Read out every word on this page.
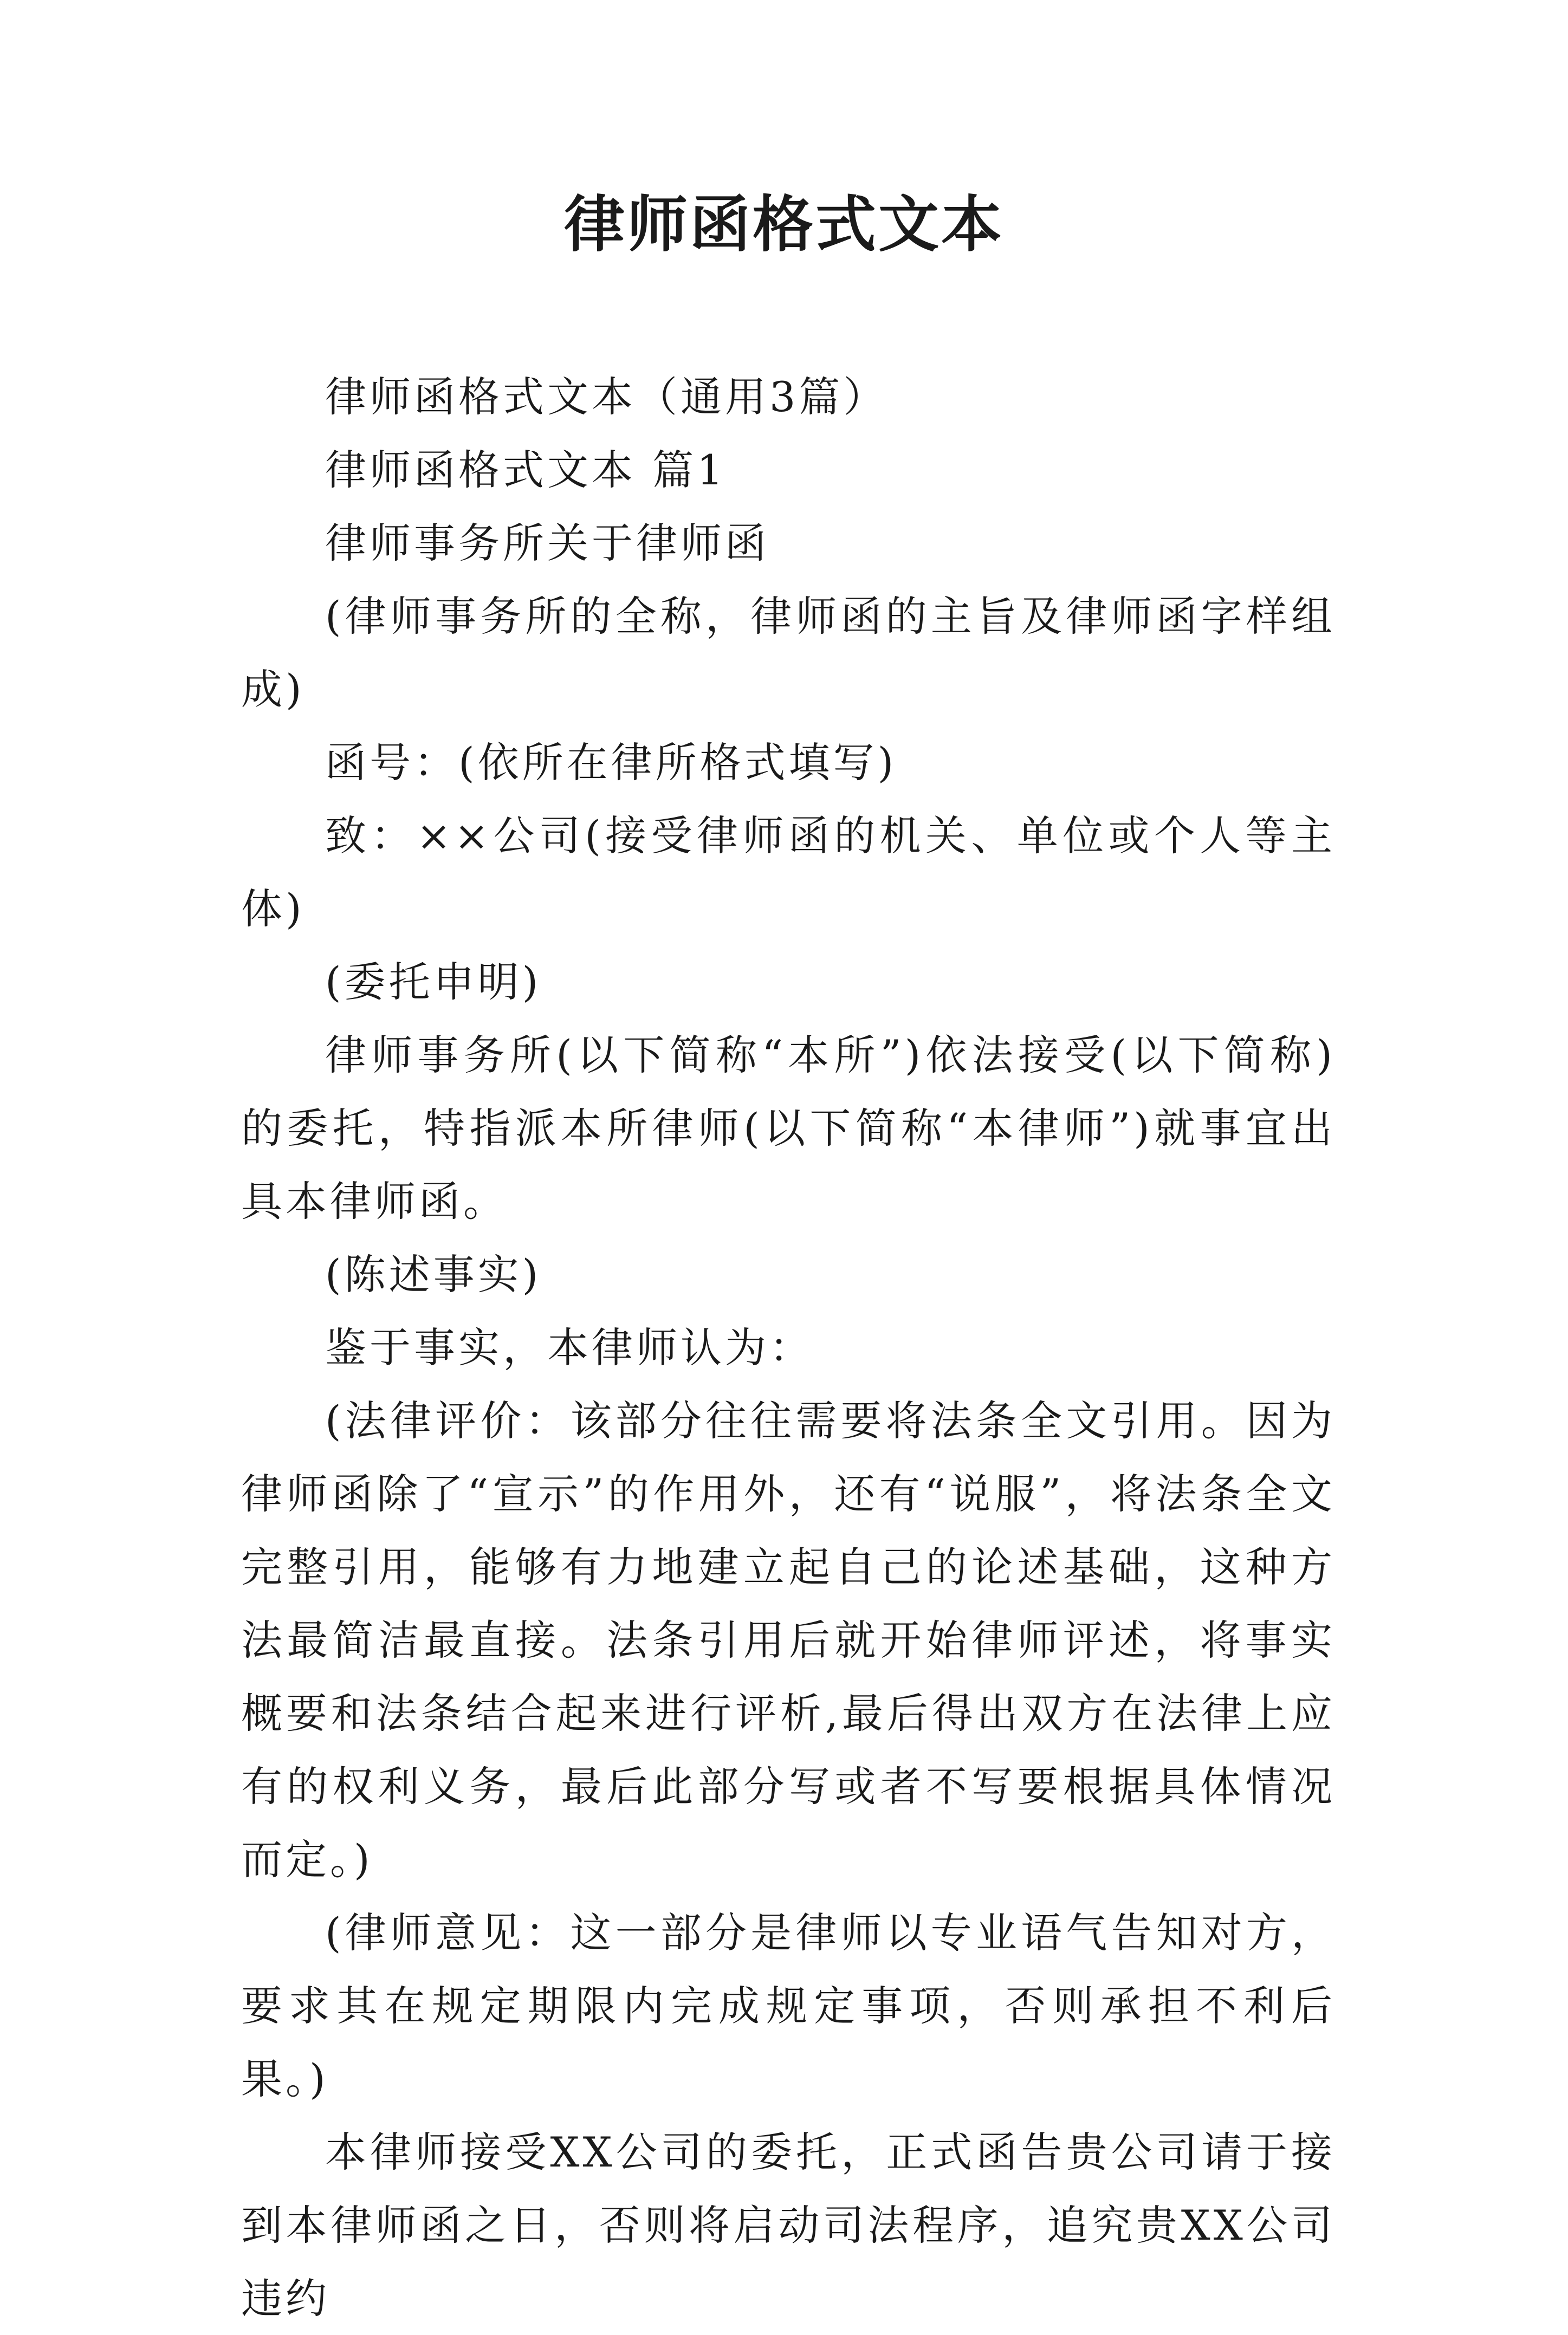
律师函格式文本

律师函格式文本（通用3篇）

律师函格式文本 篇1

律师事务所关于律师函

(律师事务所的全称，律师函的主旨及律师函字样组成)

函号：(依所在律所格式填写)

致：××公司(接受律师函的机关、单位或个人等主体)

(委托申明)

律师事务所(以下简称“本所”)依法接受(以下简称)的委托，特指派本所律师(以下简称“本律师”)就事宜出具本律师函。

(陈述事实)

鉴于事实，本律师认为：

(法律评价：该部分往往需要将法条全文引用。因为律师函除了“宣示”的作用外，还有“说服”，将法条全文完整引用，能够有力地建立起自己的论述基础，这种方法最简洁最直接。法条引用后就开始律师评述，将事实概要和法条结合起来进行评析,最后得出双方在法律上应有的权利义务，最后此部分写或者不写要根据具体情况而定。)

(律师意见：这一部分是律师以专业语气告知对方，要求其在规定期限内完成规定事项，否则承担不利后果。)

本律师接受XX公司的委托，正式函告贵公司请于接到本律师函之日，否则将启动司法程序，追究贵XX公司违约
